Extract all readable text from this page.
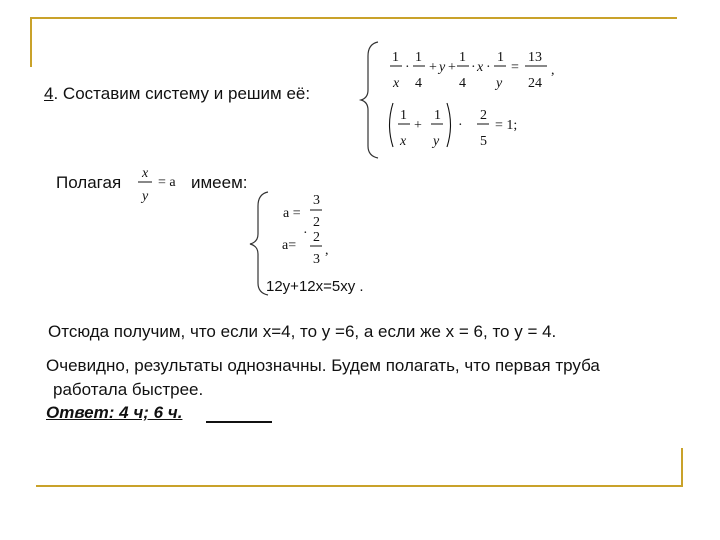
4. Составим систему и решим её:
1
x
·
1
4
+ y +
1
4
· x ·
1
y
=
13
24
,
1
x
+
1
y
·
2
5
= 1;
Полагая x
y
= a имеем:
a =
3
2
a=
· 2
3
,
12y+12x=5xy .
Отсюда получим, что если х=4, то у =6, а если же х = 6, то у = 4.
Очевидно, результаты однозначны. Будем полагать, что первая труба
работала быстрее.
Ответ: 4 ч; 6 ч.
